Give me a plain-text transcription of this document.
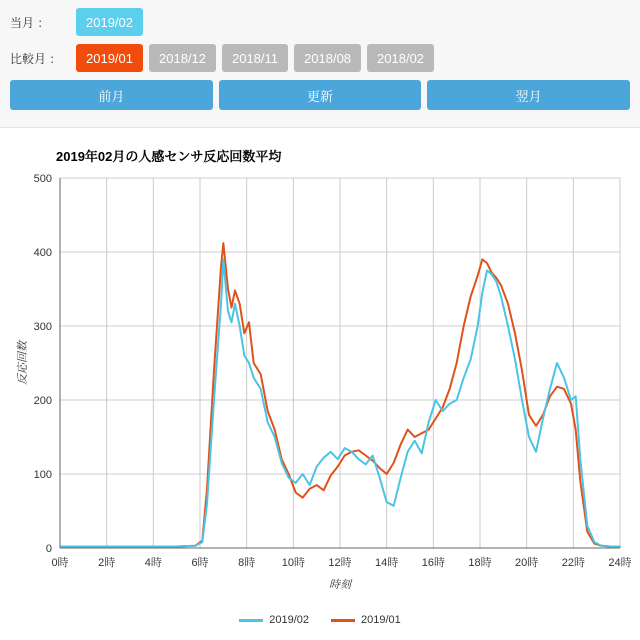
当月 ：	2019/02
比較月 ：	2019/01	2018/12	2018/11	2018/08	2018/02
前月	更新	翌月
2019年02月の人感センサ反応回数平均
0
100
200
300
400
500
0時	2時	4時	6時	8時 10時 12時 14時 16時 18時 20時 22時 24時
時刻
反応回数
2019/02	2019/01
